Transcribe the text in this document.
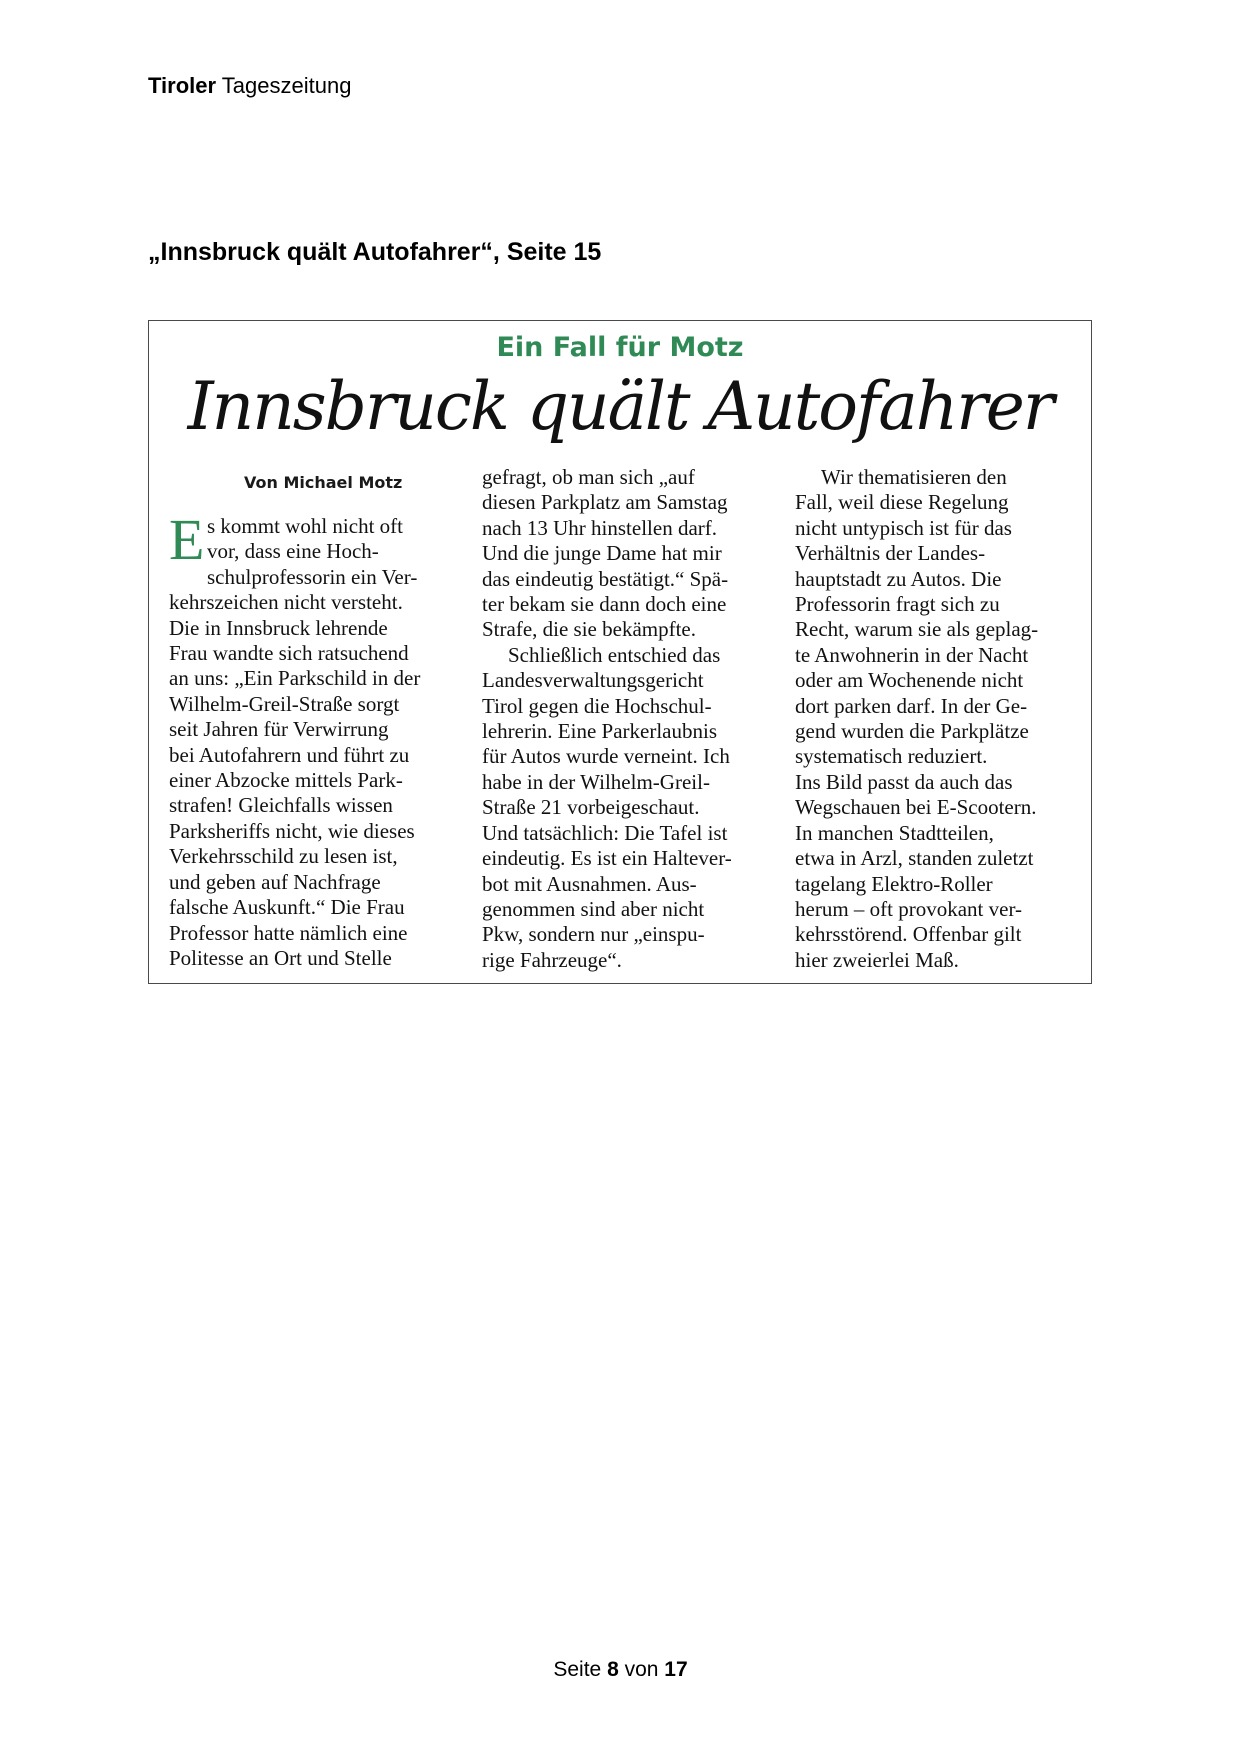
Tiroler Tageszeitung
„Innsbruck quält Autofahrer“, Seite 15
Ein Fall für Motz
Innsbruck quält Autofahrer
Von Michael Motz
E s kommt wohl nicht oft
vor, dass eine Hoch-
schulprofessorin ein Ver-
kehrszeichen nicht versteht.
Die in Innsbruck lehrende
Frau wandte sich ratsuchend
an uns: „Ein Parkschild in der
Wilhelm-Greil-Straße sorgt
seit Jahren für Verwirrung
bei Autofahrern und führt zu
einer Abzocke mittels Park-
strafen! Gleichfalls wissen
Parksheriffs nicht, wie dieses
Verkehrsschild zu lesen ist,
und geben auf Nachfrage
falsche Auskunft.“ Die Frau
Professor hatte nämlich eine
Politesse an Ort und Stelle
gefragt, ob man sich „auf
diesen Parkplatz am Samstag
nach 13 Uhr hinstellen darf.
Und die junge Dame hat mir
das eindeutig bestätigt.“ Spä-
ter bekam sie dann doch eine
Strafe, die sie bekämpfte.
Schließlich entschied das
Landesverwaltungsgericht
Tirol gegen die Hochschul-
lehrerin. Eine Parkerlaubnis
für Autos wurde verneint. Ich
habe in der Wilhelm-Greil-
Straße 21 vorbeigeschaut.
Und tatsächlich: Die Tafel ist
eindeutig. Es ist ein Haltever-
bot mit Ausnahmen. Aus-
genommen sind aber nicht
Pkw, sondern nur „einspu-
rige Fahrzeuge“.
Wir thematisieren den
Fall, weil diese Regelung
nicht untypisch ist für das
Verhältnis der Landes-
hauptstadt zu Autos. Die
Professorin fragt sich zu
Recht, warum sie als geplag-
te Anwohnerin in der Nacht
oder am Wochenende nicht
dort parken darf. In der Ge-
gend wurden die Parkplätze
systematisch reduziert.
Ins Bild passt da auch das
Wegschauen bei E-Scootern.
In manchen Stadtteilen,
etwa in Arzl, standen zuletzt
tagelang Elektro-Roller
herum – oft provokant ver-
kehrsstörend. Offenbar gilt
hier zweierlei Maß.
Seite 8 von 17
